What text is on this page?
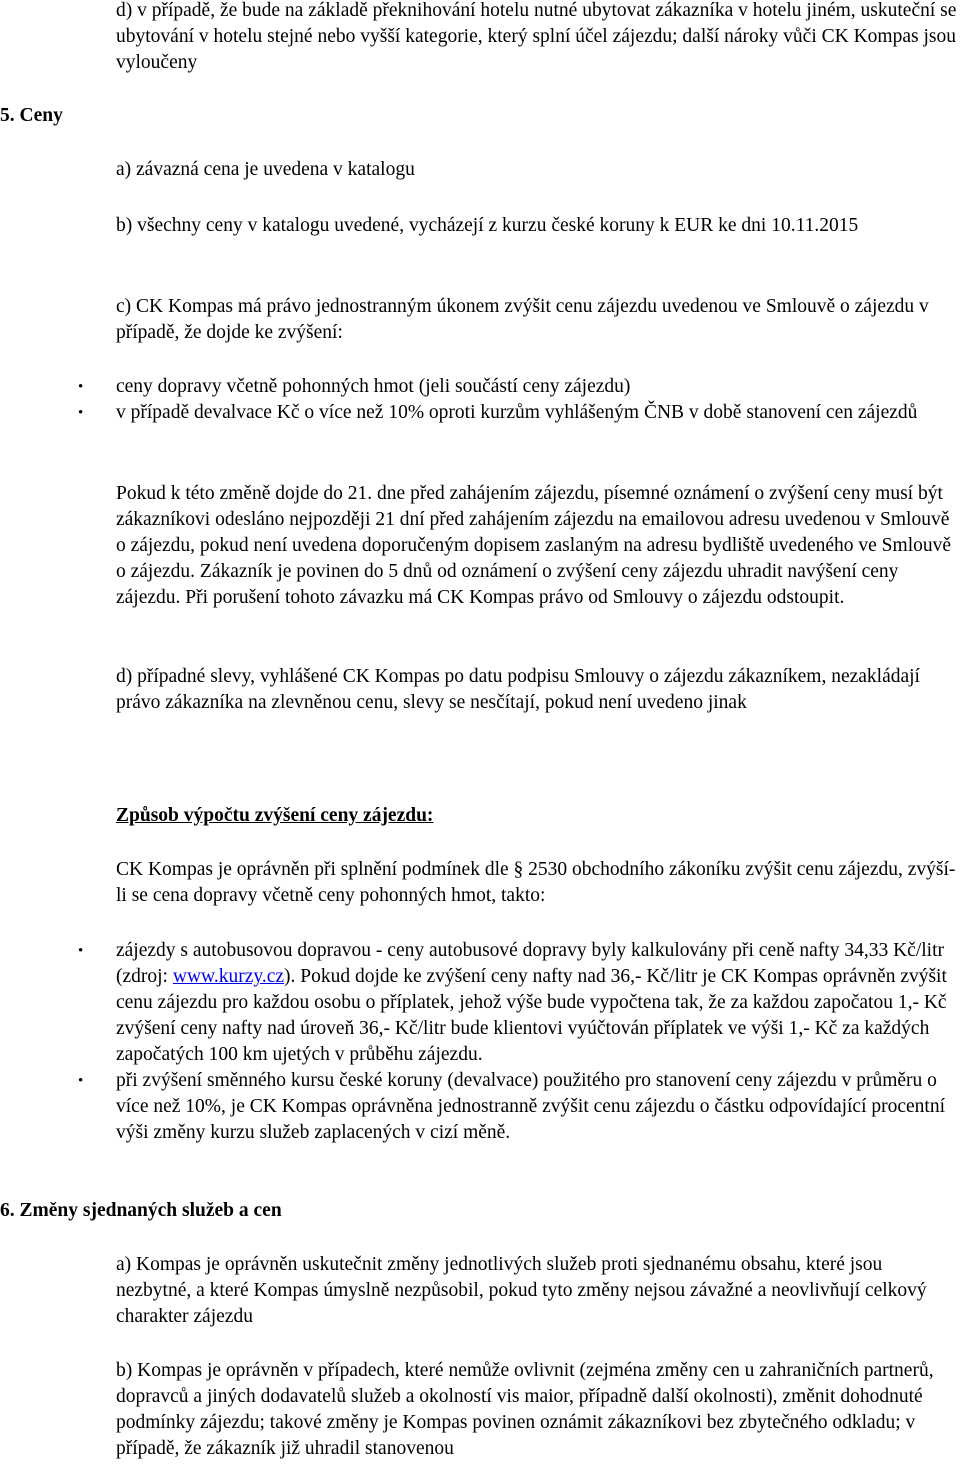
d) v případě, že bude na základě překnihování hotelu nutné ubytovat zákazníka v hotelu jiném, uskuteční se ubytování v hotelu stejné nebo vyšší kategorie, který splní účel zájezdu; další nároky vůči CK Kompas jsou vyloučeny

5. Ceny

a) závazná cena je uvedena v katalogu

b) všechny ceny v katalogu uvedené, vycházejí z kurzu české koruny k EUR ke dni 10.11.2015

c) CK Kompas má právo jednostranným úkonem zvýšit cenu zájezdu uvedenou ve Smlouvě o zájezdu v případě, že dojde ke zvýšení:

• ceny dopravy včetně pohonných hmot (jeli součástí ceny zájezdu)
• v případě devalvace Kč o více než 10% oproti kurzům vyhlášeným ČNB v době stanovení cen zájezdů

Pokud k této změně dojde do 21. dne před zahájením zájezdu, písemné oznámení o zvýšení ceny musí být zákazníkovi odesláno nejpozději 21 dní před zahájením zájezdu na emailovou adresu uvedenou v Smlouvě o zájezdu, pokud není uvedena doporučeným dopisem zaslaným na adresu bydliště uvedeného ve Smlouvě o zájezdu. Zákazník je povinen do 5 dnů od oznámení o zvýšení ceny zájezdu uhradit navýšení ceny zájezdu. Při porušení tohoto závazku má CK Kompas právo od Smlouvy o zájezdu odstoupit.

d) případné slevy, vyhlášené CK Kompas po datu podpisu Smlouvy o zájezdu zákazníkem, nezakládají právo zákazníka na zlevněnou cenu, slevy se nesčítají, pokud není uvedeno jinak

Způsob výpočtu zvýšení ceny zájezdu:

CK Kompas je oprávněn při splnění podmínek dle § 2530 obchodního zákoníku zvýšit cenu zájezdu, zvýší-li se cena dopravy včetně ceny pohonných hmot, takto:

• zájezdy s autobusovou dopravou - ceny autobusové dopravy byly kalkulovány při ceně nafty 34,33 Kč/litr (zdroj: www.kurzy.cz). Pokud dojde ke zvýšení ceny nafty nad 36,- Kč/litr je CK Kompas oprávněn zvýšit cenu zájezdu pro každou osobu o příplatek, jehož výše bude vypočtena tak, že za každou započatou 1,- Kč zvýšení ceny nafty nad úroveň 36,- Kč/litr bude klientovi vyúčtován příplatek ve výši 1,- Kč za každých započatých 100 km ujetých v průběhu zájezdu.
• při zvýšení směnného kursu české koruny (devalvace) použitého pro stanovení ceny zájezdu v průměru o více než 10%, je CK Kompas oprávněna jednostranně zvýšit cenu zájezdu o částku odpovídající procentní výši změny kurzu služeb zaplacených v cizí měně.
6. Změny sjednaných služeb a cen

a) Kompas je oprávněn uskutečnit změny jednotlivých služeb proti sjednanému obsahu, které jsou nezbytné, a které Kompas úmyslně nezpůsobil, pokud tyto změny nejsou závažné a neovlivňují celkový charakter zájezdu

b) Kompas je oprávněn v případech, které nemůže ovlivnit (zejména změny cen u zahraničních partnerů, dopravců a jiných dodavatelů služeb a okolností vis maior, případně další okolnosti), změnit dohodnuté podmínky zájezdu; takové změny je Kompas povinen oznámit zákazníkovi bez zbytečného odkladu; v případě, že zákazník již uhradil stanovenou
